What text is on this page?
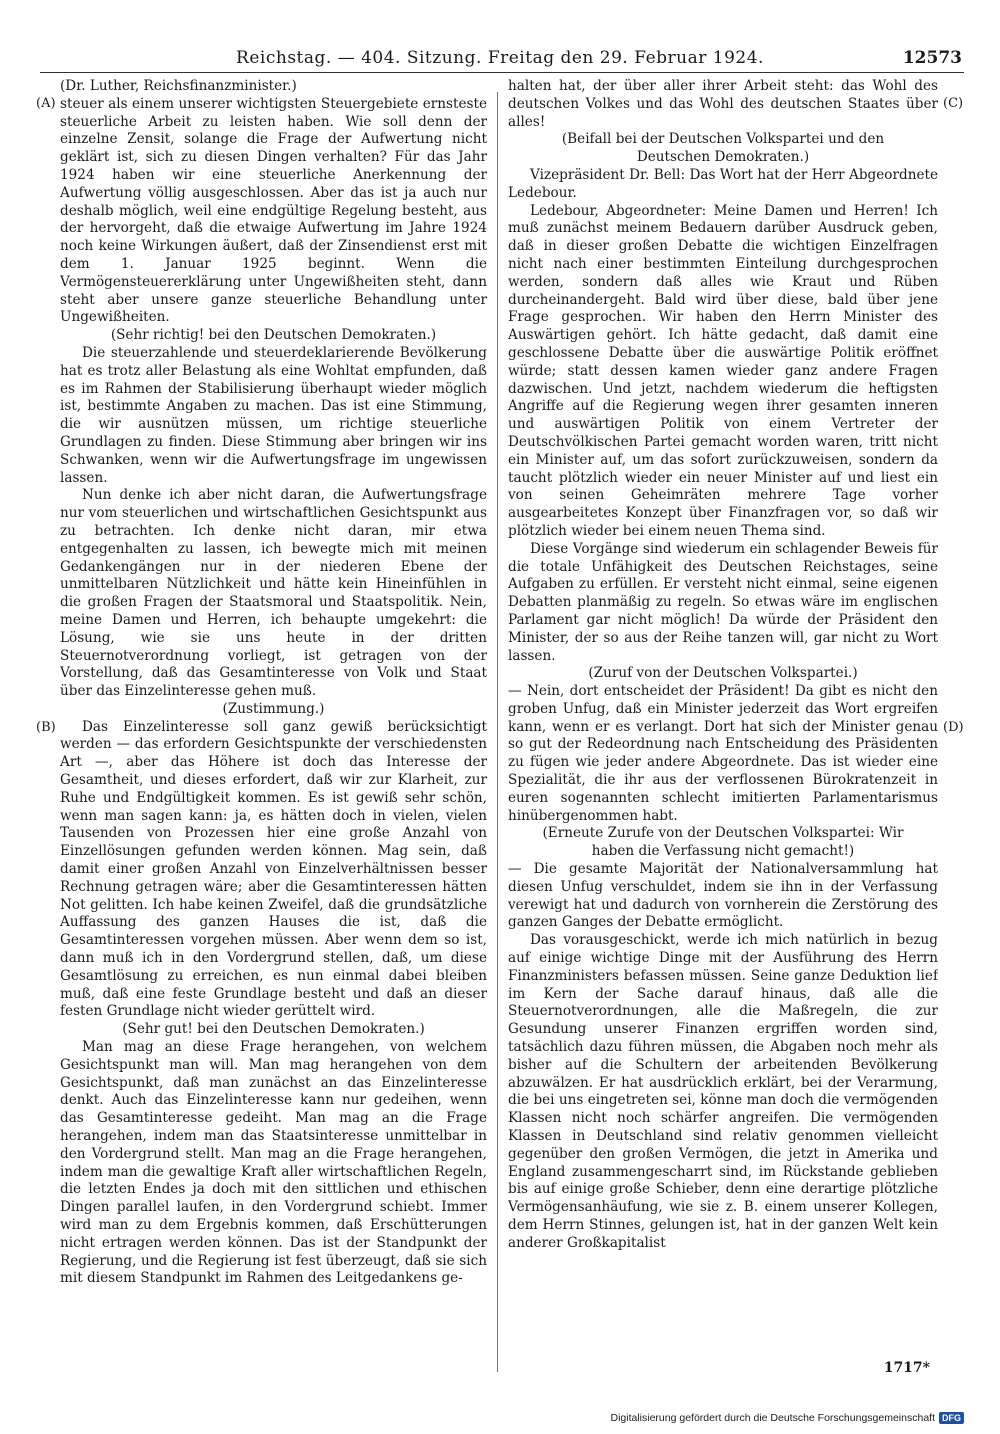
Reichstag. — 404. Sitzung. Freitag den 29. Februar 1924.	12573
(A)
(B)
(C)
(D)

(Dr. Luther, Reichsfinanzminister.)

steuer als einem unserer wichtigsten Steuergebiete ernsteste steuerliche Arbeit zu leisten haben. Wie soll denn der einzelne Zensit, solange die Frage der Aufwertung nicht geklärt ist, sich zu diesen Dingen verhalten? Für das Jahr 1924 haben wir eine steuerliche Anerkennung der Aufwertung völlig ausgeschlossen. Aber das ist ja auch nur deshalb möglich, weil eine endgültige Regelung besteht, aus der hervorgeht, daß die etwaige Aufwertung im Jahre 1924 noch keine Wirkungen äußert, daß der Zinsendienst erst mit dem 1. Januar 1925 beginnt. Wenn die Vermögensteuererklärung unter Ungewißheiten steht, dann steht aber unsere ganze steuerliche Behandlung unter Ungewißheiten.

(Sehr richtig! bei den Deutschen Demokraten.)

Die steuerzahlende und steuerdeklarierende Bevölkerung hat es trotz aller Belastung als eine Wohltat empfunden, daß es im Rahmen der Stabilisierung überhaupt wieder möglich ist, bestimmte Angaben zu machen. Das ist eine Stimmung, die wir ausnützen müssen, um richtige steuerliche Grundlagen zu finden. Diese Stimmung aber bringen wir ins Schwanken, wenn wir die Aufwertungsfrage im ungewissen lassen.

Nun denke ich aber nicht daran, die Aufwertungsfrage nur vom steuerlichen und wirtschaftlichen Gesichtspunkt aus zu betrachten. Ich denke nicht daran, mir etwa entgegenhalten zu lassen, ich bewegte mich mit meinen Gedankengängen nur in der niederen Ebene der unmittelbaren Nützlichkeit und hätte kein Hineinfühlen in die großen Fragen der Staatsmoral und Staatspolitik. Nein, meine Damen und Herren, ich behaupte umgekehrt: die Lösung, wie sie uns heute in der dritten Steuernotverordnung vorliegt, ist getragen von der Vorstellung, daß das Gesamtinteresse von Volk und Staat über das Einzelinteresse gehen muß.

(Zustimmung.)

Das Einzelinteresse soll ganz gewiß berücksichtigt werden — das erfordern Gesichtspunkte der verschiedensten Art —, aber das Höhere ist doch das Interesse der Gesamtheit, und dieses erfordert, daß wir zur Klarheit, zur Ruhe und Endgültigkeit kommen. Es ist gewiß sehr schön, wenn man sagen kann: ja, es hätten doch in vielen, vielen Tausenden von Prozessen hier eine große Anzahl von Einzellösungen gefunden werden können. Mag sein, daß damit einer großen Anzahl von Einzelverhältnissen besser Rechnung getragen wäre; aber die Gesamtinteressen hätten Not gelitten. Ich habe keinen Zweifel, daß die grundsätzliche Auffassung des ganzen Hauses die ist, daß die Gesamtinteressen vorgehen müssen. Aber wenn dem so ist, dann muß ich in den Vordergrund stellen, daß, um diese Gesamtlösung zu erreichen, es nun einmal dabei bleiben muß, daß eine feste Grundlage besteht und daß an dieser festen Grundlage nicht wieder gerüttelt wird.

(Sehr gut! bei den Deutschen Demokraten.)

Man mag an diese Frage herangehen, von welchem Gesichtspunkt man will. Man mag herangehen von dem Gesichtspunkt, daß man zunächst an das Einzelinteresse denkt. Auch das Einzelinteresse kann nur gedeihen, wenn das Gesamtinteresse gedeiht. Man mag an die Frage herangehen, indem man das Staatsinteresse unmittelbar in den Vordergrund stellt. Man mag an die Frage herangehen, indem man die gewaltige Kraft aller wirtschaftlichen Regeln, die letzten Endes ja doch mit den sittlichen und ethischen Dingen parallel laufen, in den Vordergrund schiebt. Immer wird man zu dem Ergebnis kommen, daß Erschütterungen nicht ertragen werden können. Das ist der Standpunkt der Regierung, und die Regierung ist fest überzeugt, daß sie sich mit diesem Standpunkt im Rahmen des Leitgedankens ge-

halten hat, der über aller ihrer Arbeit steht: das Wohl des deutschen Volkes und das Wohl des deutschen Staates über alles!

(Beifall bei der Deutschen Volkspartei und den Deutschen Demokraten.)

Vizepräsident Dr. Bell: Das Wort hat der Herr Abgeordnete Ledebour.

Ledebour, Abgeordneter: Meine Damen und Herren! Ich muß zunächst meinem Bedauern darüber Ausdruck geben, daß in dieser großen Debatte die wichtigen Einzelfragen nicht nach einer bestimmten Einteilung durchgesprochen werden, sondern daß alles wie Kraut und Rüben durcheinandergeht. Bald wird über diese, bald über jene Frage gesprochen. Wir haben den Herrn Minister des Auswärtigen gehört. Ich hätte gedacht, daß damit eine geschlossene Debatte über die auswärtige Politik eröffnet würde; statt dessen kamen wieder ganz andere Fragen dazwischen. Und jetzt, nachdem wiederum die heftigsten Angriffe auf die Regierung wegen ihrer gesamten inneren und auswärtigen Politik von einem Vertreter der Deutschvölkischen Partei gemacht worden waren, tritt nicht ein Minister auf, um das sofort zurückzuweisen, sondern da taucht plötzlich wieder ein neuer Minister auf und liest ein von seinen Geheimräten mehrere Tage vorher ausgearbeitetes Konzept über Finanzfragen vor, so daß wir plötzlich wieder bei einem neuen Thema sind.

Diese Vorgänge sind wiederum ein schlagender Beweis für die totale Unfähigkeit des Deutschen Reichstages, seine Aufgaben zu erfüllen. Er versteht nicht einmal, seine eigenen Debatten planmäßig zu regeln. So etwas wäre im englischen Parlament gar nicht möglich! Da würde der Präsident den Minister, der so aus der Reihe tanzen will, gar nicht zu Wort lassen.

(Zuruf von der Deutschen Volkspartei.)

— Nein, dort entscheidet der Präsident! Da gibt es nicht den groben Unfug, daß ein Minister jederzeit das Wort ergreifen kann, wenn er es verlangt. Dort hat sich der Minister genau so gut der Redeordnung nach Entscheidung des Präsidenten zu fügen wie jeder andere Abgeordnete. Das ist wieder eine Spezialität, die ihr aus der verflossenen Bürokratenzeit in euren sogenannten schlecht imitierten Parlamentarismus hinübergenommen habt.

(Erneute Zurufe von der Deutschen Volkspartei: Wir haben die Verfassung nicht gemacht!)

— Die gesamte Majorität der Nationalversammlung hat diesen Unfug verschuldet, indem sie ihn in der Verfassung verewigt hat und dadurch von vornherein die Zerstörung des ganzen Ganges der Debatte ermöglicht.

Das vorausgeschickt, werde ich mich natürlich in bezug auf einige wichtige Dinge mit der Ausführung des Herrn Finanzministers befassen müssen. Seine ganze Deduktion lief im Kern der Sache darauf hinaus, daß alle die Steuernotverordnungen, alle die Maßregeln, die zur Gesundung unserer Finanzen ergriffen worden sind, tatsächlich dazu führen müssen, die Abgaben noch mehr als bisher auf die Schultern der arbeitenden Bevölkerung abzuwälzen. Er hat ausdrücklich erklärt, bei der Verarmung, die bei uns eingetreten sei, könne man doch die vermögenden Klassen nicht noch schärfer angreifen. Die vermögenden Klassen in Deutschland sind relativ genommen vielleicht gegenüber den großen Vermögen, die jetzt in Amerika und England zusammengescharrt sind, im Rückstande geblieben bis auf einige große Schieber, denn eine derartige plötzliche Vermögensanhäufung, wie sie z. B. einem unserer Kollegen, dem Herrn Stinnes, gelungen ist, hat in der ganzen Welt kein anderer Großkapitalist

1717*
Digitalisierung gefördert durch die Deutsche Forschungsgemeinschaft DFG
